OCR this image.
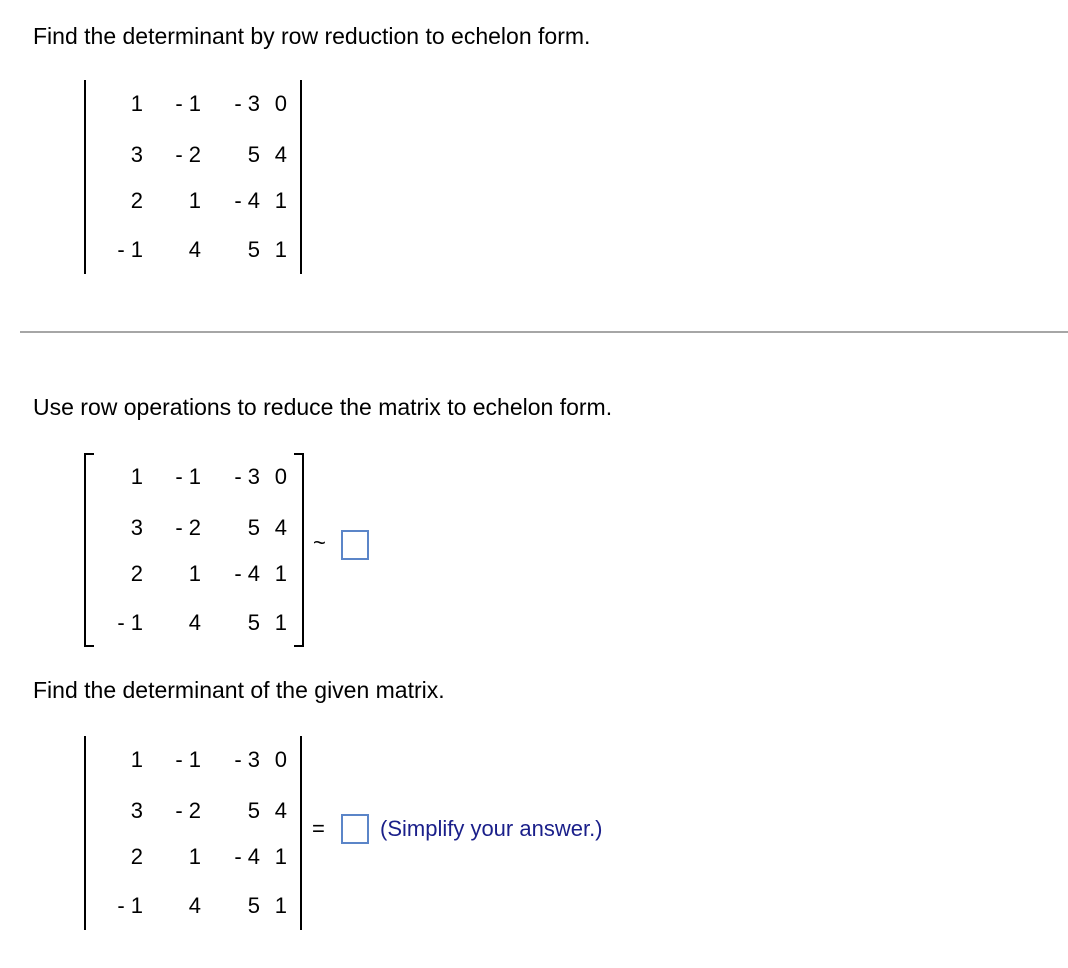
Find the determinant by row reduction to echelon form.
1 - 1 - 3 0
3 - 2 5 4
2 1 - 4 1
- 1 4 5 1
Use row operations to reduce the matrix to echelon form.
1 - 1 - 3 0
3 - 2 5 4
2 1 - 4 1
- 1 4 5 1
~
Find the determinant of the given matrix.
1 - 1 - 3 0
3 - 2 5 4
2 1 - 4 1
- 1 4 5 1
=	(Simplify your answer.)
